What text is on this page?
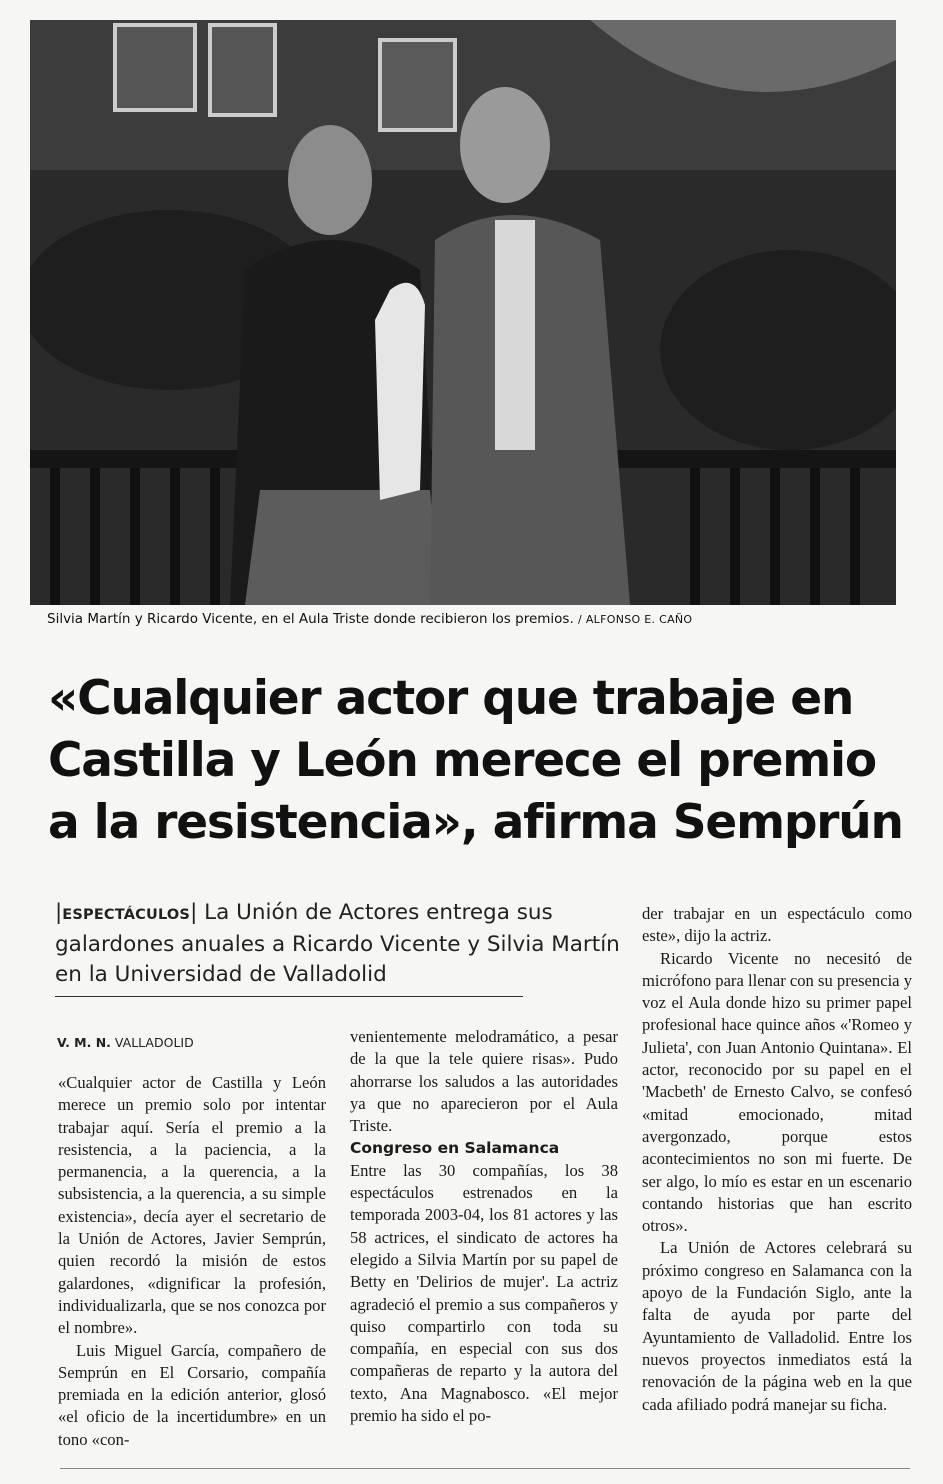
Silvia Martín y Ricardo Vicente, en el Aula Triste donde recibieron los premios. / ALFONSO E. CAÑO
«Cualquier actor que trabaje en
Castilla y León merece el premio
a la resistencia», afirma Semprún
|ESPECTÁCULOS| La Unión de Actores entrega sus galardones anuales a Ricardo Vicente y Silvia Martín en la Universidad de Valladolid
V. M. N. VALLADOLID

«Cualquier actor de Castilla y León merece un premio solo por intentar trabajar aquí. Sería el premio a la resistencia, a la paciencia, a la permanencia, a la querencia, a la subsistencia, a la querencia, a su simple existencia», decía ayer el secretario de la Unión de Actores, Javier Semprún, quien recordó la misión de estos galardones, «dignificar la profesión, individualizarla, que se nos conozca por el nombre».

Luis Miguel García, compañero de Semprún en El Corsario, compañía premiada en la edición anterior, glosó «el oficio de la incertidumbre» en un tono «con-

venientemente melodramático, a pesar de la que la tele quiere risas». Pudo ahorrarse los saludos a las autoridades ya que no aparecieron por el Aula Triste.

Congreso en Salamanca

Entre las 30 compañías, los 38 espectáculos estrenados en la temporada 2003-04, los 81 actores y las 58 actrices, el sindicato de actores ha elegido a Silvia Martín por su papel de Betty en 'Delirios de mujer'. La actriz agradeció el premio a sus compañeros y quiso compartirlo con toda su compañía, en especial con sus dos compañeras de reparto y la autora del texto, Ana Magnabosco. «El mejor premio ha sido el po-

der trabajar en un espectáculo como este», dijo la actriz.

Ricardo Vicente no necesitó de micrófono para llenar con su presencia y voz el Aula donde hizo su primer papel profesional hace quince años «'Romeo y Julieta', con Juan Antonio Quintana». El actor, reconocido por su papel en el 'Macbeth' de Ernesto Calvo, se confesó «mitad emocionado, mitad avergonzado, porque estos acontecimientos no son mi fuerte. De ser algo, lo mío es estar en un escenario contando historias que han escrito otros».

La Unión de Actores celebrará su próximo congreso en Salamanca con la apoyo de la Fundación Siglo, ante la falta de ayuda por parte del Ayuntamiento de Valladolid. Entre los nuevos proyectos inmediatos está la renovación de la página web en la que cada afiliado podrá manejar su ficha.
